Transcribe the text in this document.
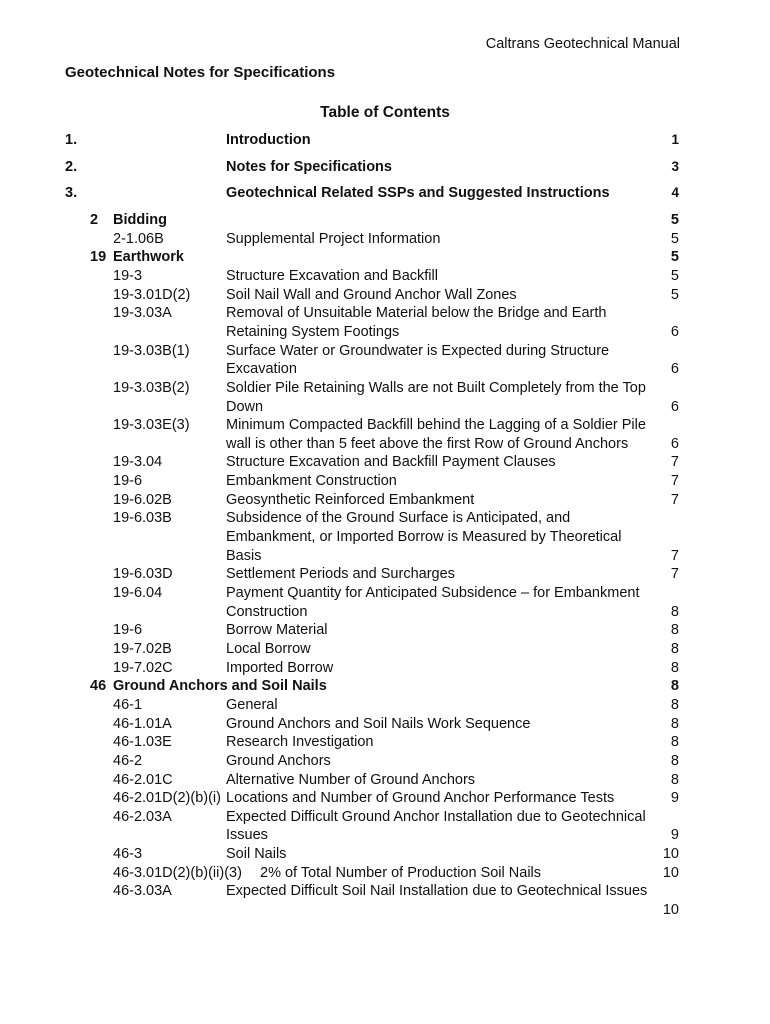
Caltrans Geotechnical Manual
Geotechnical Notes for Specifications
Table of Contents
1.	Introduction	1
2.	Notes for Specifications	3
3.	Geotechnical Related SSPs and Suggested Instructions	4
2 Bidding	5
2-1.06B	Supplemental Project Information	5
19 Earthwork	5
19-3	Structure Excavation and Backfill	5
19-3.01D(2) Soil Nail Wall and Ground Anchor Wall Zones	5
19-3.03A	Removal of Unsuitable Material below the Bridge and Earth
Retaining System Footings	6
19-3.03B(1)	Surface Water or Groundwater is Expected during Structure
Excavation	6
19-3.03B(2)	Soldier Pile Retaining Walls are not Built Completely from the Top
Down	6
19-3.03E(3)	Minimum Compacted Backfill behind the Lagging of a Soldier Pile
wall is other than 5 feet above the first Row of Ground Anchors	6
19-3.04	Structure Excavation and Backfill Payment Clauses	7
19-6	Embankment Construction	7
19-6.02B	Geosynthetic Reinforced Embankment	7
19-6.03B	Subsidence of the Ground Surface is Anticipated, and
Embankment, or Imported Borrow is Measured by Theoretical
Basis	7
19-6.03D	Settlement Periods and Surcharges	7
19-6.04	Payment Quantity for Anticipated Subsidence – for Embankment
Construction	8
19-6	Borrow Material	8
19-7.02B	Local Borrow	8
19-7.02C	Imported Borrow	8
46 Ground Anchors and Soil Nails	8
46-1	General	8
46-1.01A	Ground Anchors and Soil Nails Work Sequence	8
46-1.03E	Research Investigation	8
46-2	Ground Anchors	8
46-2.01C	Alternative Number of Ground Anchors	8
46-2.01D(2)(b)(i) Locations and Number of Ground Anchor Performance Tests	9
46-2.03A	Expected Difficult Ground Anchor Installation due to Geotechnical
Issues	9
46-3	Soil Nails	10
46-3.01D(2)(b)(ii)(3) 2% of Total Number of Production Soil Nails	10
46-3.03A	Expected Difficult Soil Nail Installation due to Geotechnical Issues
10
